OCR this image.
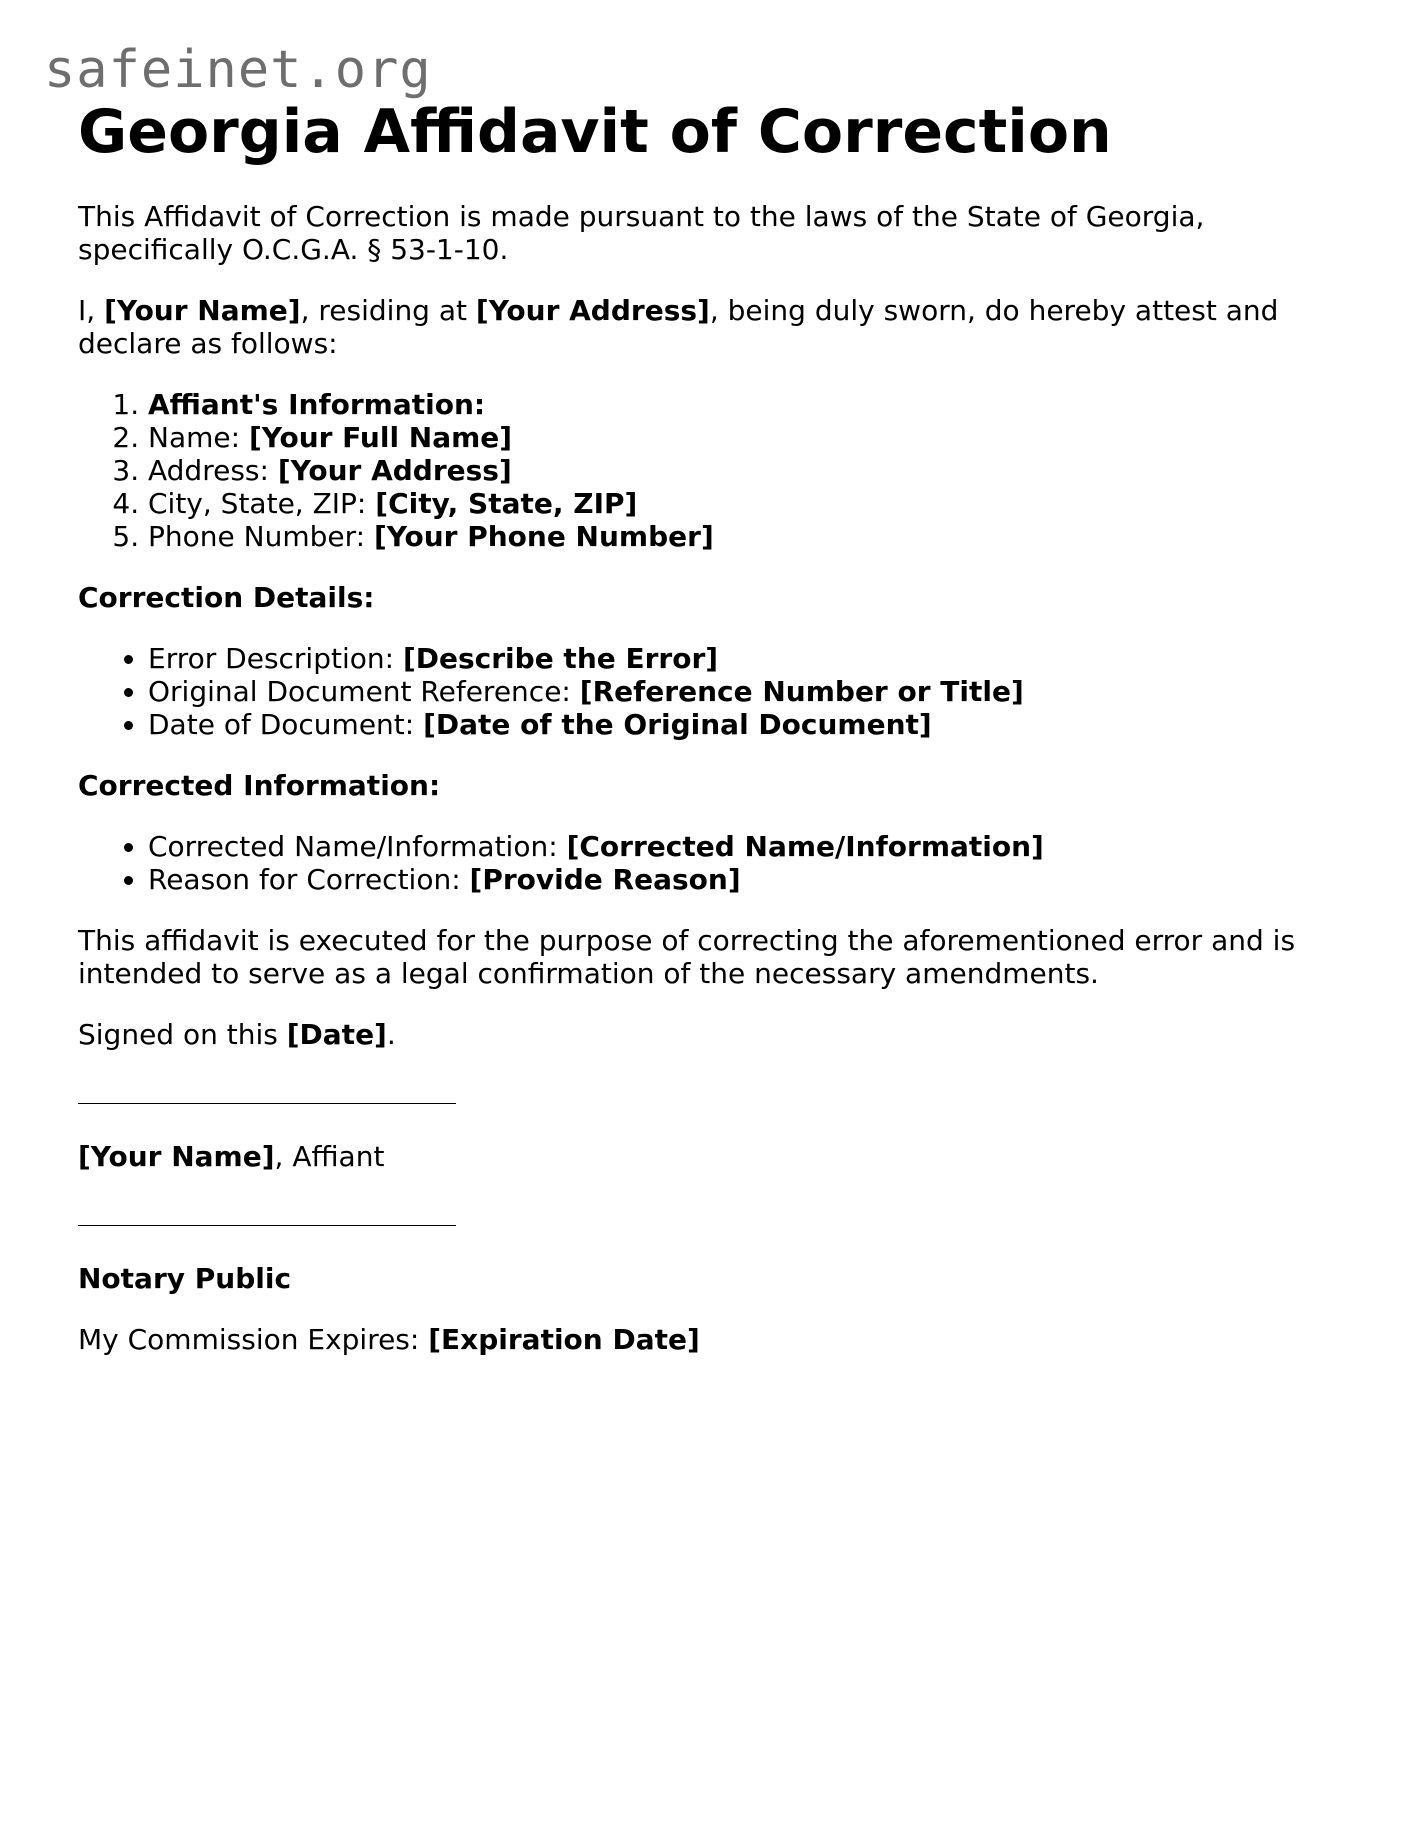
safeinet.org
Georgia Affidavit of Correction

This Affidavit of Correction is made pursuant to the laws of the State of Georgia, specifically O.C.G.A. § 53-1-10.

I, [Your Name], residing at [Your Address], being duly sworn, do hereby attest and declare as follows:

1. Affiant's Information:
2. Name: [Your Full Name]
3. Address: [Your Address]
4. City, State, ZIP: [City, State, ZIP]
5. Phone Number: [Your Phone Number]

Correction Details:

• Error Description: [Describe the Error]
• Original Document Reference: [Reference Number or Title]
• Date of Document: [Date of the Original Document]

Corrected Information:

• Corrected Name/Information: [Corrected Name/Information]
• Reason for Correction: [Provide Reason]

This affidavit is executed for the purpose of correcting the aforementioned error and is intended to serve as a legal confirmation of the necessary amendments.

Signed on this [Date].

[Your Name], Affiant

Notary Public

My Commission Expires: [Expiration Date]
